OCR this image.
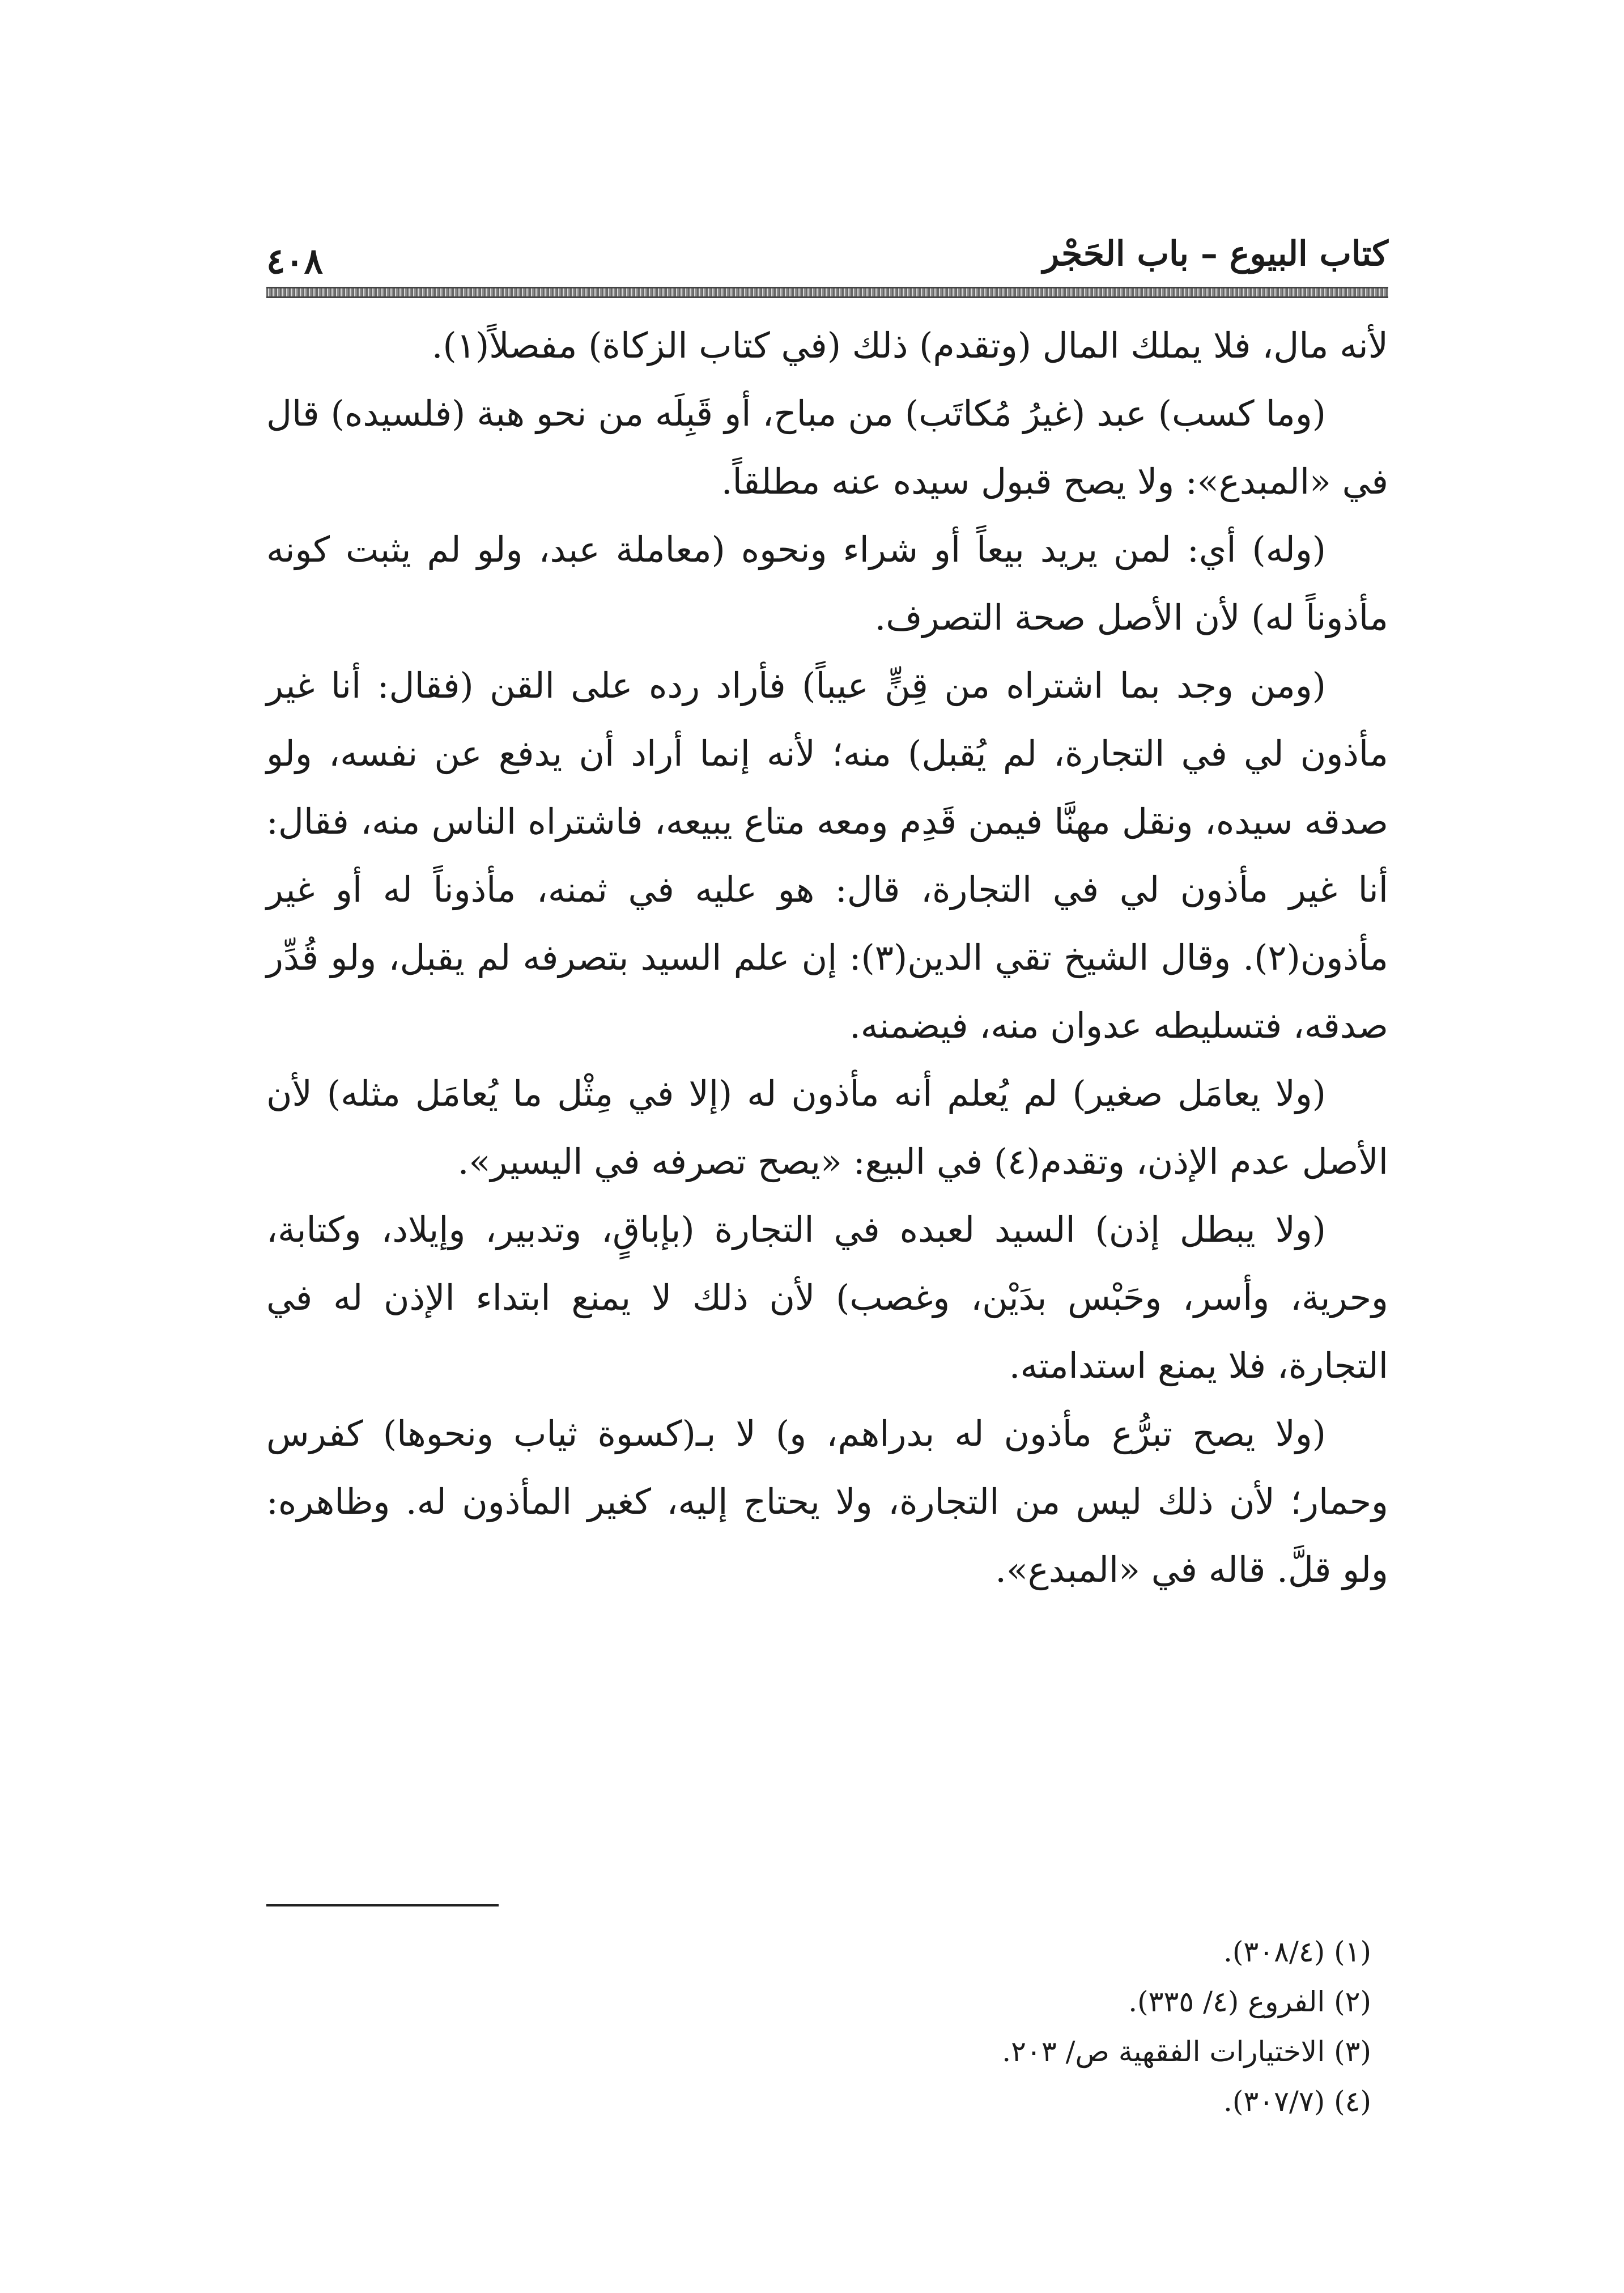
كتاب البيوع – باب الحَجْر
٤٠٨

لأنه مال، فلا يملك المال (وتقدم) ذلك (في كتاب الزكاة) مفصلاً(١).

(وما كسب) عبد (غيرُ مُكاتَب) من مباح، أو قَبِلَه من نحو هبة (فلسيده) قال في «المبدع»: ولا يصح قبول سيده عنه مطلقاً.

(وله) أي: لمن يريد بيعاً أو شراء ونحوه (معاملة عبد، ولو لم يثبت كونه مأذوناً له) لأن الأصل صحة التصرف.

(ومن وجد بما اشتراه من قِنٍّ عيباً) فأراد رده على القن (فقال: أنا غير مأذون لي في التجارة، لم يُقبل) منه؛ لأنه إنما أراد أن يدفع عن نفسه، ولو صدقه سيده، ونقل مهنَّا فيمن قَدِم ومعه متاع يبيعه، فاشتراه الناس منه، فقال: أنا غير مأذون لي في التجارة، قال: هو عليه في ثمنه، مأذوناً له أو غير مأذون(٢). وقال الشيخ تقي الدين(٣): إن علم السيد بتصرفه لم يقبل، ولو قُدِّر صدقه، فتسليطه عدوان منه، فيضمنه.

(ولا يعامَل صغير) لم يُعلم أنه مأذون له (إلا في مِثْل ما يُعامَل مثله) لأن الأصل عدم الإذن، وتقدم(٤) في البيع: «يصح تصرفه في اليسير».

(ولا يبطل إذن) السيد لعبده في التجارة (بإباقٍ، وتدبير، وإيلاد، وكتابة، وحرية، وأسر، وحَبْس بدَيْن، وغصب) لأن ذلك لا يمنع ابتداء الإذن له في التجارة، فلا يمنع استدامته.

(ولا يصح تبرُّع مأذون له بدراهم، و) لا بـ(كسوة ثياب ونحوها) كفرس وحمار؛ لأن ذلك ليس من التجارة، ولا يحتاج إليه، كغير المأذون له. وظاهره: ولو قلَّ. قاله في «المبدع».

(١) (٣٠٨/٤).
(٢) الفروع (٤/ ٣٣٥).
(٣) الاختيارات الفقهية ص/ ٢٠٣.
(٤) (٣٠٧/٧).
